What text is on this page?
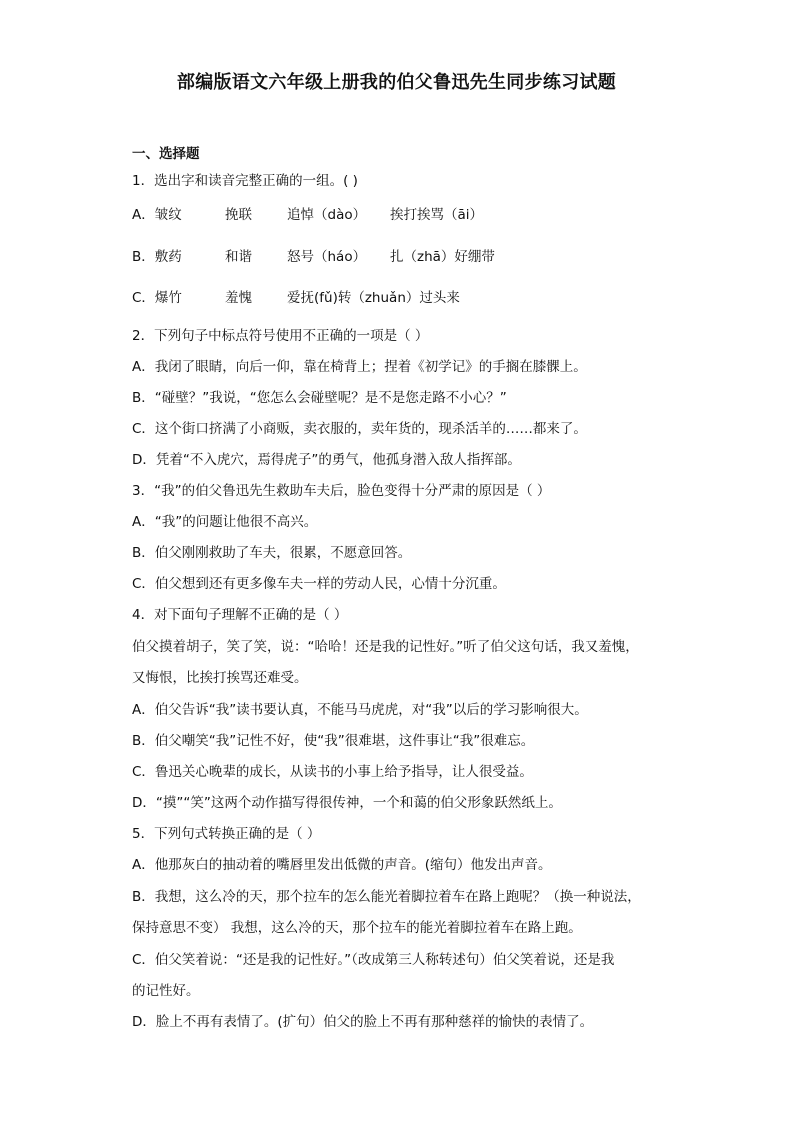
部编版语文六年级上册我的伯父鲁迅先生同步练习试题
一、选择题
1．选出字和读音完整正确的一组。( )
A．皱纹	挽联	追悼（dào） 挨打挨骂（āi）
B．敷药	和谐	怒号（háo） 扎（zhā）好绷带
C．爆竹	羞愧	爱抚(fǔ)转（zhuǎn）过头来
2．下列句子中标点符号使用不正确的一项是（ ）
A．我闭了眼睛，向后一仰，靠在椅背上；捏着《初学记》的手搁在膝髁上。
B．“碰壁？”我说，“您怎么会碰壁呢？是不是您走路不小心？”
C．这个街口挤满了小商贩，卖衣服的，卖年货的，现杀活羊的……都来了。
D．凭着“不入虎穴，焉得虎子”的勇气，他孤身潜入敌人指挥部。
3．“我”的伯父鲁迅先生救助车夫后，脸色变得十分严肃的原因是（ ）
A．“我”的问题让他很不高兴。
B．伯父刚刚救助了车夫，很累，不愿意回答。
C．伯父想到还有更多像车夫一样的劳动人民，心情十分沉重。
4．对下面句子理解不正确的是（ ）
伯父摸着胡子，笑了笑，说：“哈哈！还是我的记性好。”听了伯父这句话，我又羞愧，
又悔恨，比挨打挨骂还难受。
A．伯父告诉“我”读书要认真，不能马马虎虎，对“我”以后的学习影响很大。
B．伯父嘲笑“我”记性不好，使“我”很难堪，这件事让“我”很难忘。
C．鲁迅关心晚辈的成长，从读书的小事上给予指导，让人很受益。
D．“摸”“笑”这两个动作描写得很传神，一个和蔼的伯父形象跃然纸上。
5．下列句式转换正确的是（ ）
A．他那灰白的抽动着的嘴唇里发出低微的声音。(缩句）他发出声音。
B．我想，这么冷的天，那个拉车的怎么能光着脚拉着车在路上跑呢？（换一种说法，
保持意思不变） 我想，这么冷的天，那个拉车的能光着脚拉着车在路上跑。
C．伯父笑着说：“还是我的记性好。”（改成第三人称转述句）伯父笑着说，还是我
的记性好。
D．脸上不再有表情了。(扩句）伯父的脸上不再有那种慈祥的愉快的表情了。
